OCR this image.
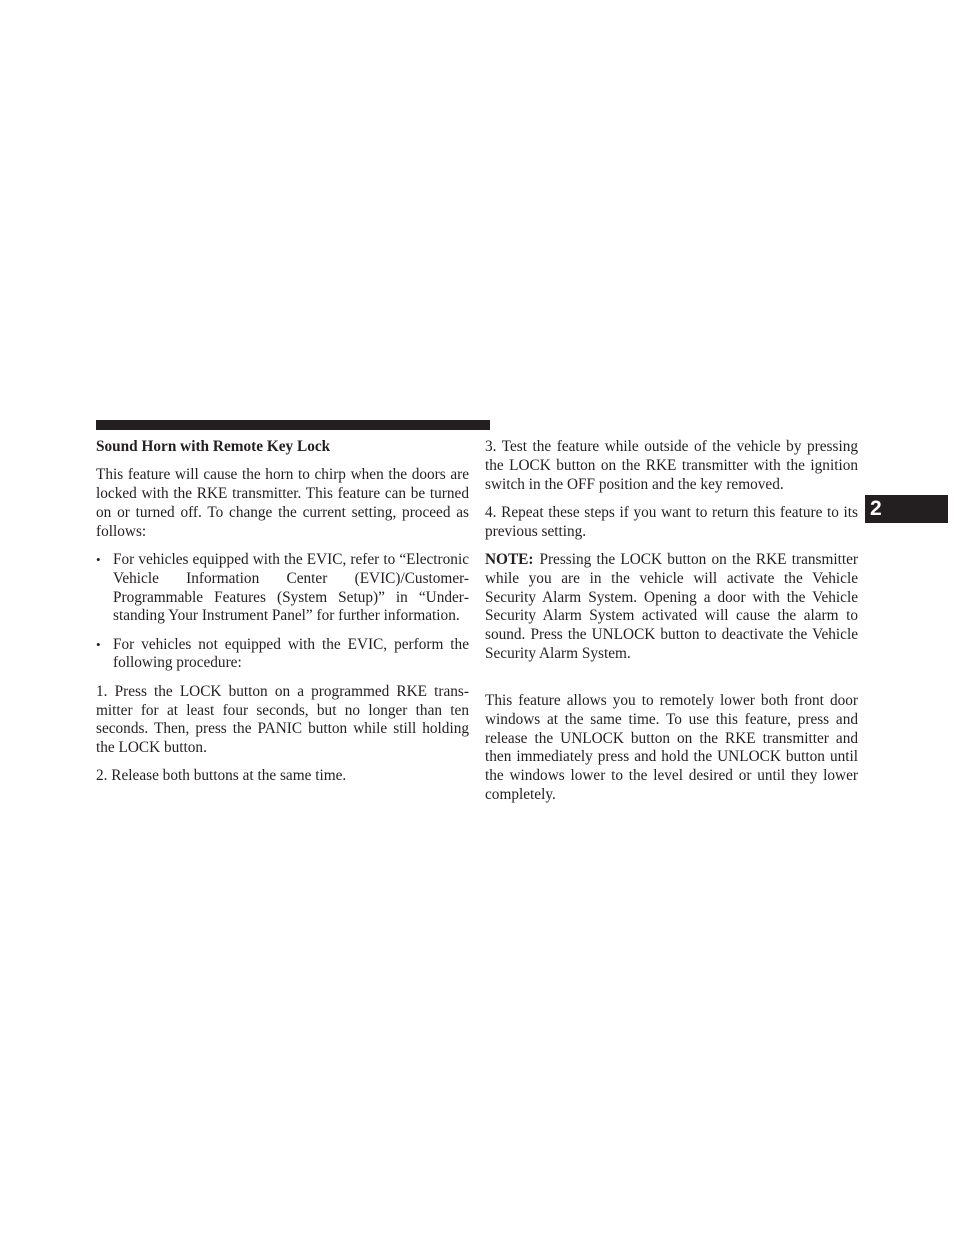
2

Sound Horn with Remote Key Lock

This feature will cause the horn to chirp when the doors are locked with the RKE transmitter. This feature can be turned on or turned off. To change the current setting, proceed as follows:

• For vehicles equipped with the EVIC, refer to “Electronic Vehicle Information Center (EVIC)/Customer-Programmable Features (System Setup)” in “Understanding Your Instrument Panel” for further information.
• For vehicles not equipped with the EVIC, perform the following procedure:

1. Press the LOCK button on a programmed RKE transmitter for at least four seconds, but no longer than ten seconds. Then, press the PANIC button while still holding the LOCK button.

2. Release both buttons at the same time.

3. Test the feature while outside of the vehicle by pressing the LOCK button on the RKE transmitter with the ignition switch in the OFF position and the key removed.

4. Repeat these steps if you want to return this feature to its previous setting.

NOTE: Pressing the LOCK button on the RKE transmitter while you are in the vehicle will activate the Vehicle Security Alarm System. Opening a door with the Vehicle Security Alarm System activated will cause the alarm to sound. Press the UNLOCK button to deactivate the Vehicle Security Alarm System.

This feature allows you to remotely lower both front door windows at the same time. To use this feature, press and release the UNLOCK button on the RKE transmitter and then immediately press and hold the UNLOCK button until the windows lower to the level desired or until they lower completely.
